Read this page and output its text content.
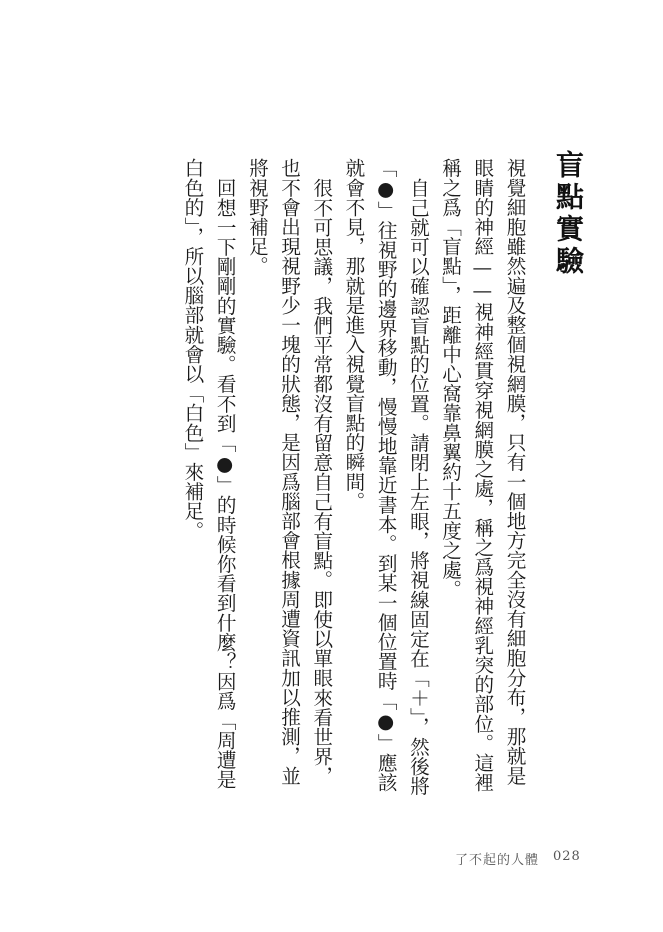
盲點實驗

視覺細胞雖然遍及整個視網膜，只有一個地方完全沒有細胞分布，那就是眼睛的神經——視神經貫穿視網膜之處，稱之爲視神經乳突的部位。這裡稱之爲「盲點」，距離中心窩靠鼻翼約十五度之處。

自己就可以確認盲點的位置。請閉上左眼，將視線固定在「＋」，然後將「●」往視野的邊界移動，慢慢地靠近書本。到某一個位置時「●」應該就會不見，那就是進入視覺盲點的瞬間。

很不可思議，我們平常都沒有留意自己有盲點。即使以單眼來看世界，也不會出現視野少一塊的狀態，是因爲腦部會根據周遭資訊加以推測，並將視野補足。

回想一下剛剛的實驗。看不到「●」的時候你看到什麼？因爲「周遭是白色的」，所以腦部就會以「白色」來補足。

了不起的人體 028
